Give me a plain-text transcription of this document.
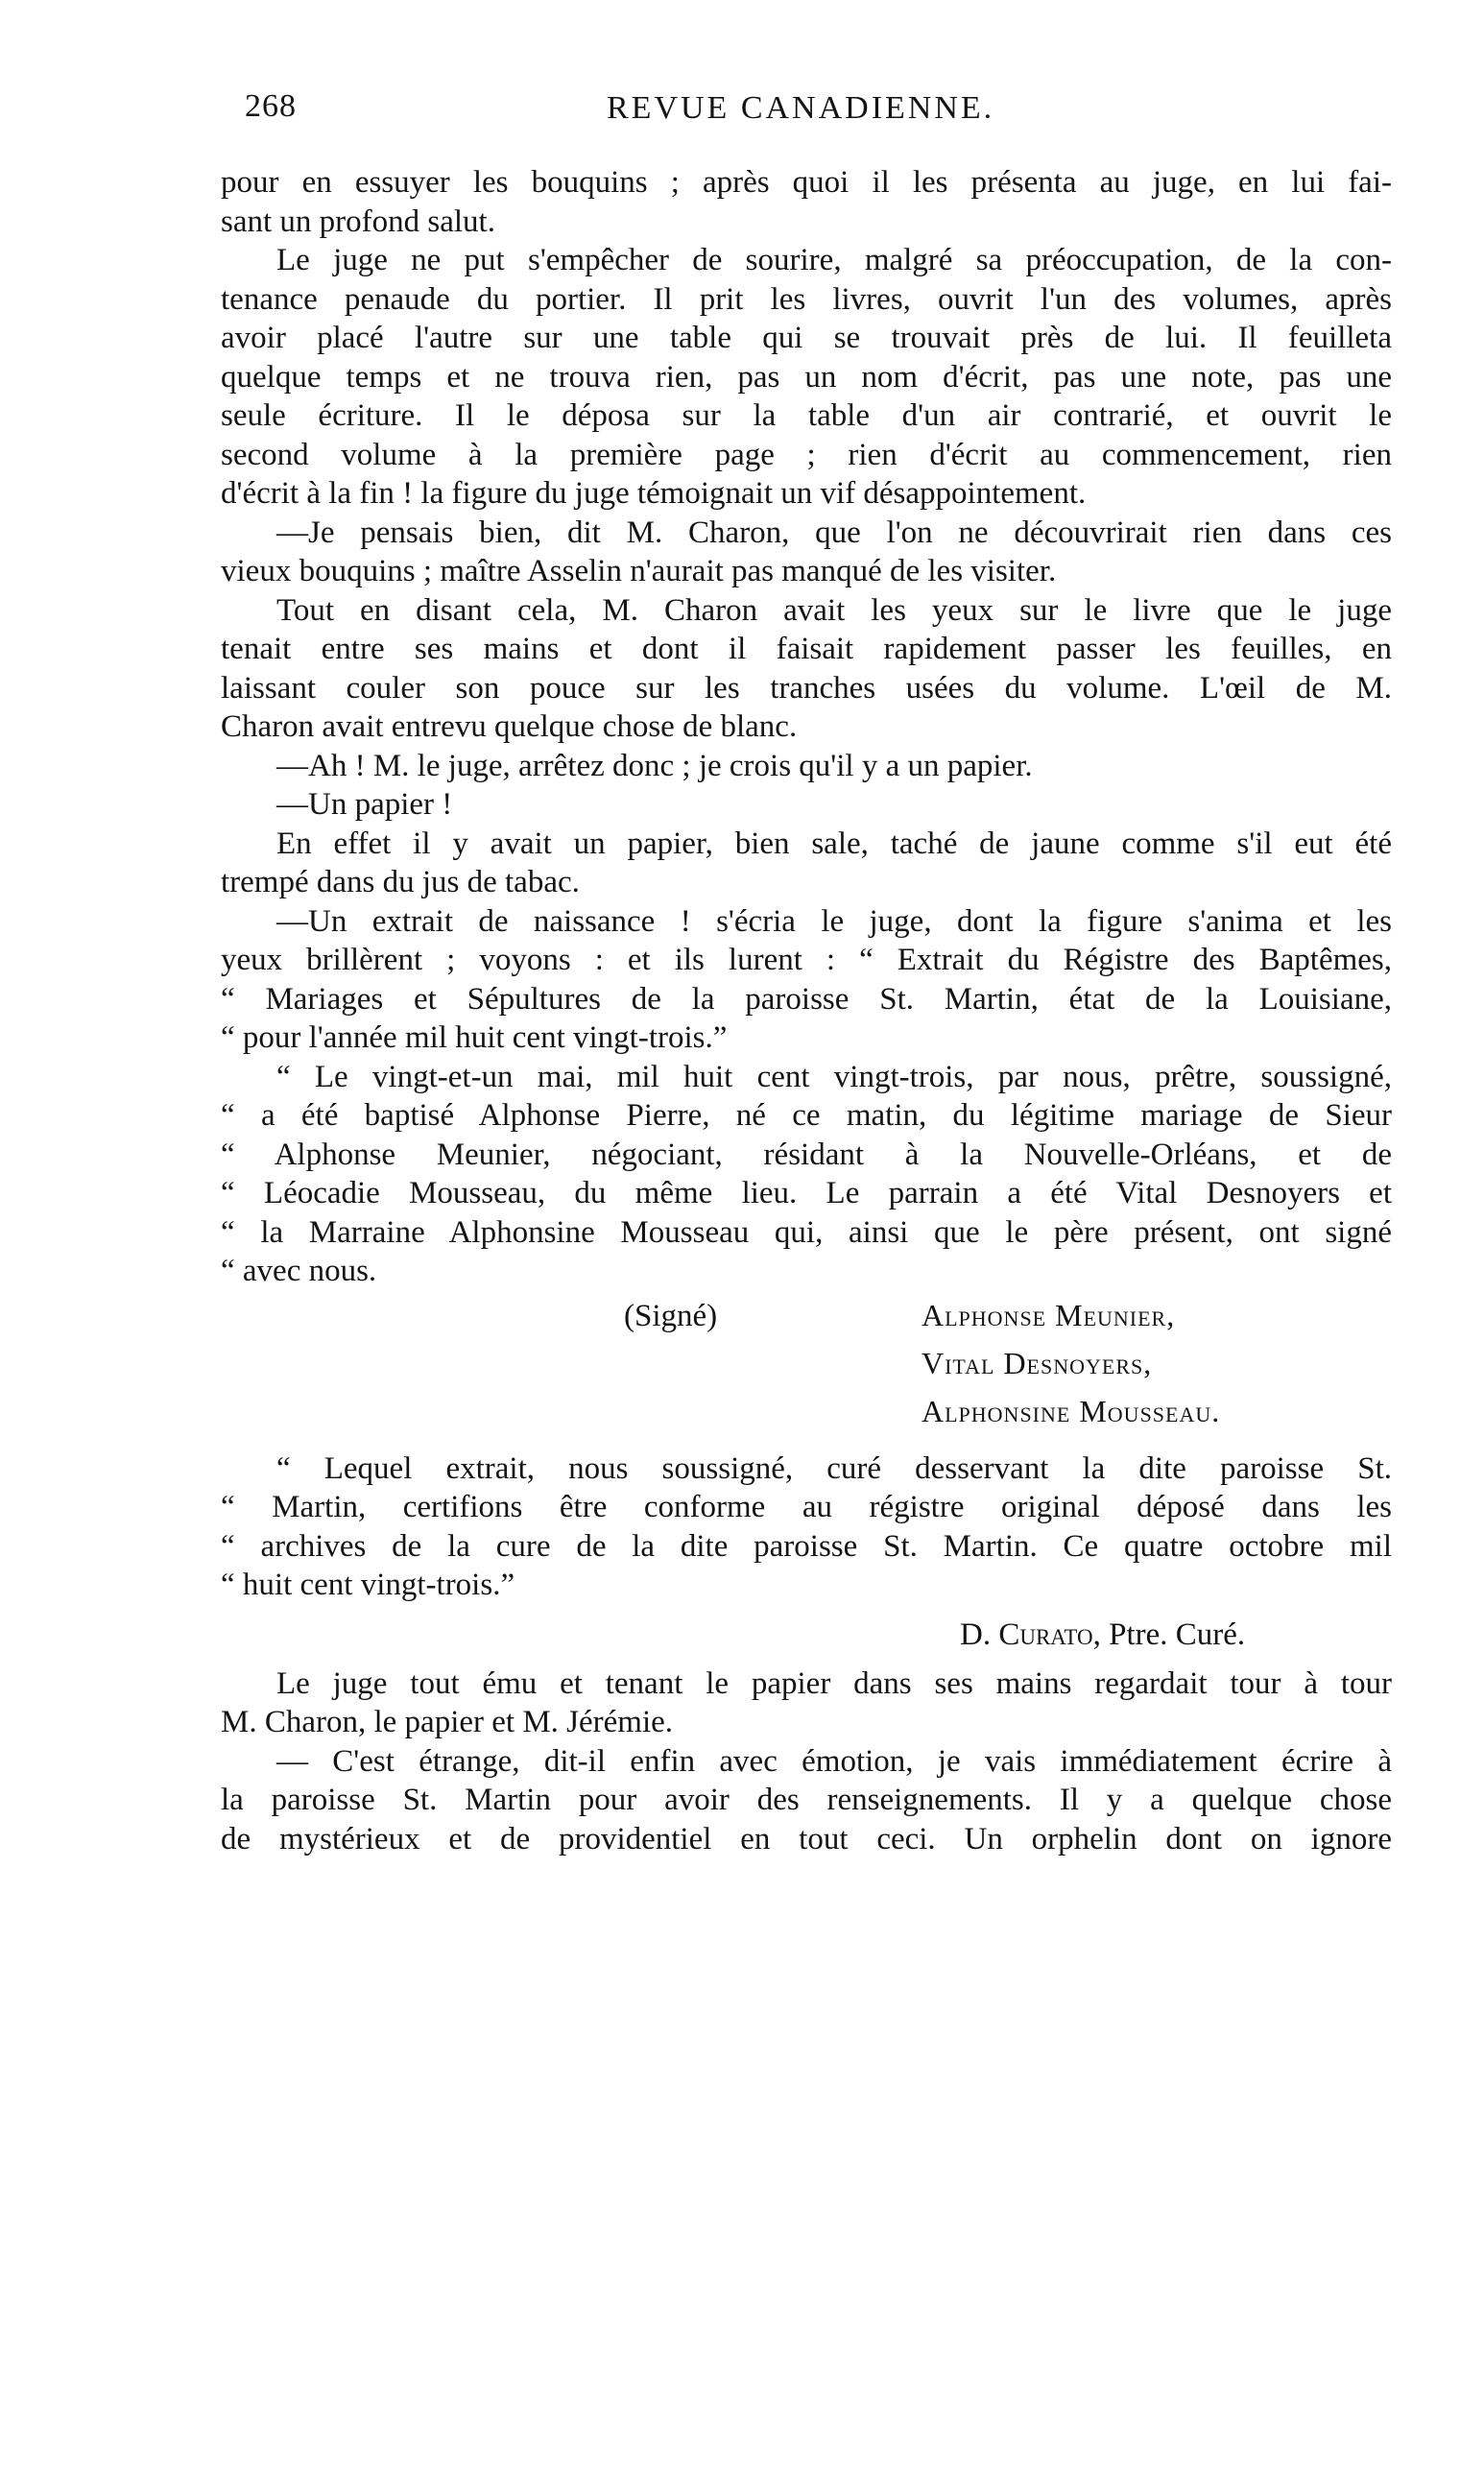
268	REVUE CANADIENNE.
pour en essuyer les bouquins ; après quoi il les présenta au juge, en lui fai-
sant un profond salut.
Le juge ne put s'empêcher de sourire, malgré sa préoccupation, de la con-
tenance penaude du portier. Il prit les livres, ouvrit l'un des volumes, après
avoir placé l'autre sur une table qui se trouvait près de lui. Il feuilleta
quelque temps et ne trouva rien, pas un nom d'écrit, pas une note, pas une
seule écriture. Il le déposa sur la table d'un air contrarié, et ouvrit le
second volume à la première page ; rien d'écrit au commencement, rien
d'écrit à la fin ! la figure du juge témoignait un vif désappointement.
—Je pensais bien, dit M. Charon, que l'on ne découvrirait rien dans ces
vieux bouquins ; maître Asselin n'aurait pas manqué de les visiter.
Tout en disant cela, M. Charon avait les yeux sur le livre que le juge
tenait entre ses mains et dont il faisait rapidement passer les feuilles, en
laissant couler son pouce sur les tranches usées du volume. L'œil de M.
Charon avait entrevu quelque chose de blanc.
—Ah ! M. le juge, arrêtez donc ; je crois qu'il y a un papier.
—Un papier !
En effet il y avait un papier, bien sale, taché de jaune comme s'il eut été
trempé dans du jus de tabac.
—Un extrait de naissance ! s'écria le juge, dont la figure s'anima et les
yeux brillèrent ; voyons : et ils lurent : “ Extrait du Régistre des Baptêmes,
“ Mariages et Sépultures de la paroisse St. Martin, état de la Louisiane,
“ pour l'année mil huit cent vingt-trois.”
“ Le vingt-et-un mai, mil huit cent vingt-trois, par nous, prêtre, soussigné,
“ a été baptisé Alphonse Pierre, né ce matin, du légitime mariage de Sieur
“ Alphonse Meunier, négociant, résidant à la Nouvelle-Orléans, et de
“ Léocadie Mousseau, du même lieu. Le parrain a été Vital Desnoyers et
“ la Marraine Alphonsine Mousseau qui, ainsi que le père présent, ont signé
“ avec nous.
(Signé)	Alphonse Meunier,
Vital Desnoyers,
Alphonsine Mousseau.
“ Lequel extrait, nous soussigné, curé desservant la dite paroisse St.
“ Martin, certifions être conforme au régistre original déposé dans les
“ archives de la cure de la dite paroisse St. Martin. Ce quatre octobre mil
“ huit cent vingt-trois.”
D. Curato, Ptre. Curé.
Le juge tout ému et tenant le papier dans ses mains regardait tour à tour
M. Charon, le papier et M. Jérémie.
— C'est étrange, dit-il enfin avec émotion, je vais immédiatement écrire à
la paroisse St. Martin pour avoir des renseignements. Il y a quelque chose
de mystérieux et de providentiel en tout ceci. Un orphelin dont on ignore
